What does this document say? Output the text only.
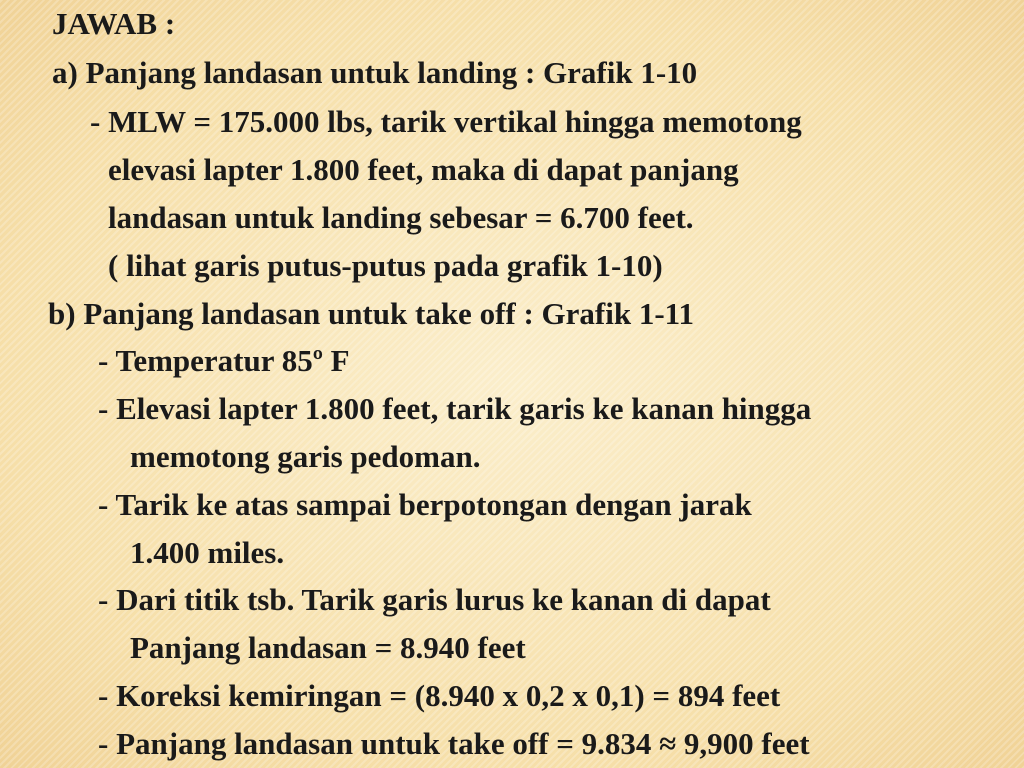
JAWAB :
a) Panjang landasan untuk landing : Grafik 1-10
- MLW = 175.000 lbs, tarik vertikal hingga memotong
elevasi lapter 1.800 feet, maka di dapat panjang
landasan untuk landing sebesar = 6.700 feet.
( lihat garis putus-putus pada grafik 1-10)
b) Panjang landasan untuk take off : Grafik 1-11
- Temperatur 85º F
- Elevasi lapter 1.800 feet, tarik garis ke kanan hingga
memotong garis pedoman.
- Tarik ke atas sampai berpotongan dengan jarak
1.400 miles.
- Dari titik tsb. Tarik garis lurus ke kanan di dapat
Panjang landasan = 8.940 feet
- Koreksi kemiringan = (8.940 x 0,2 x 0,1) = 894 feet
- Panjang landasan untuk take off = 9.834 ≈ 9,900 feet
